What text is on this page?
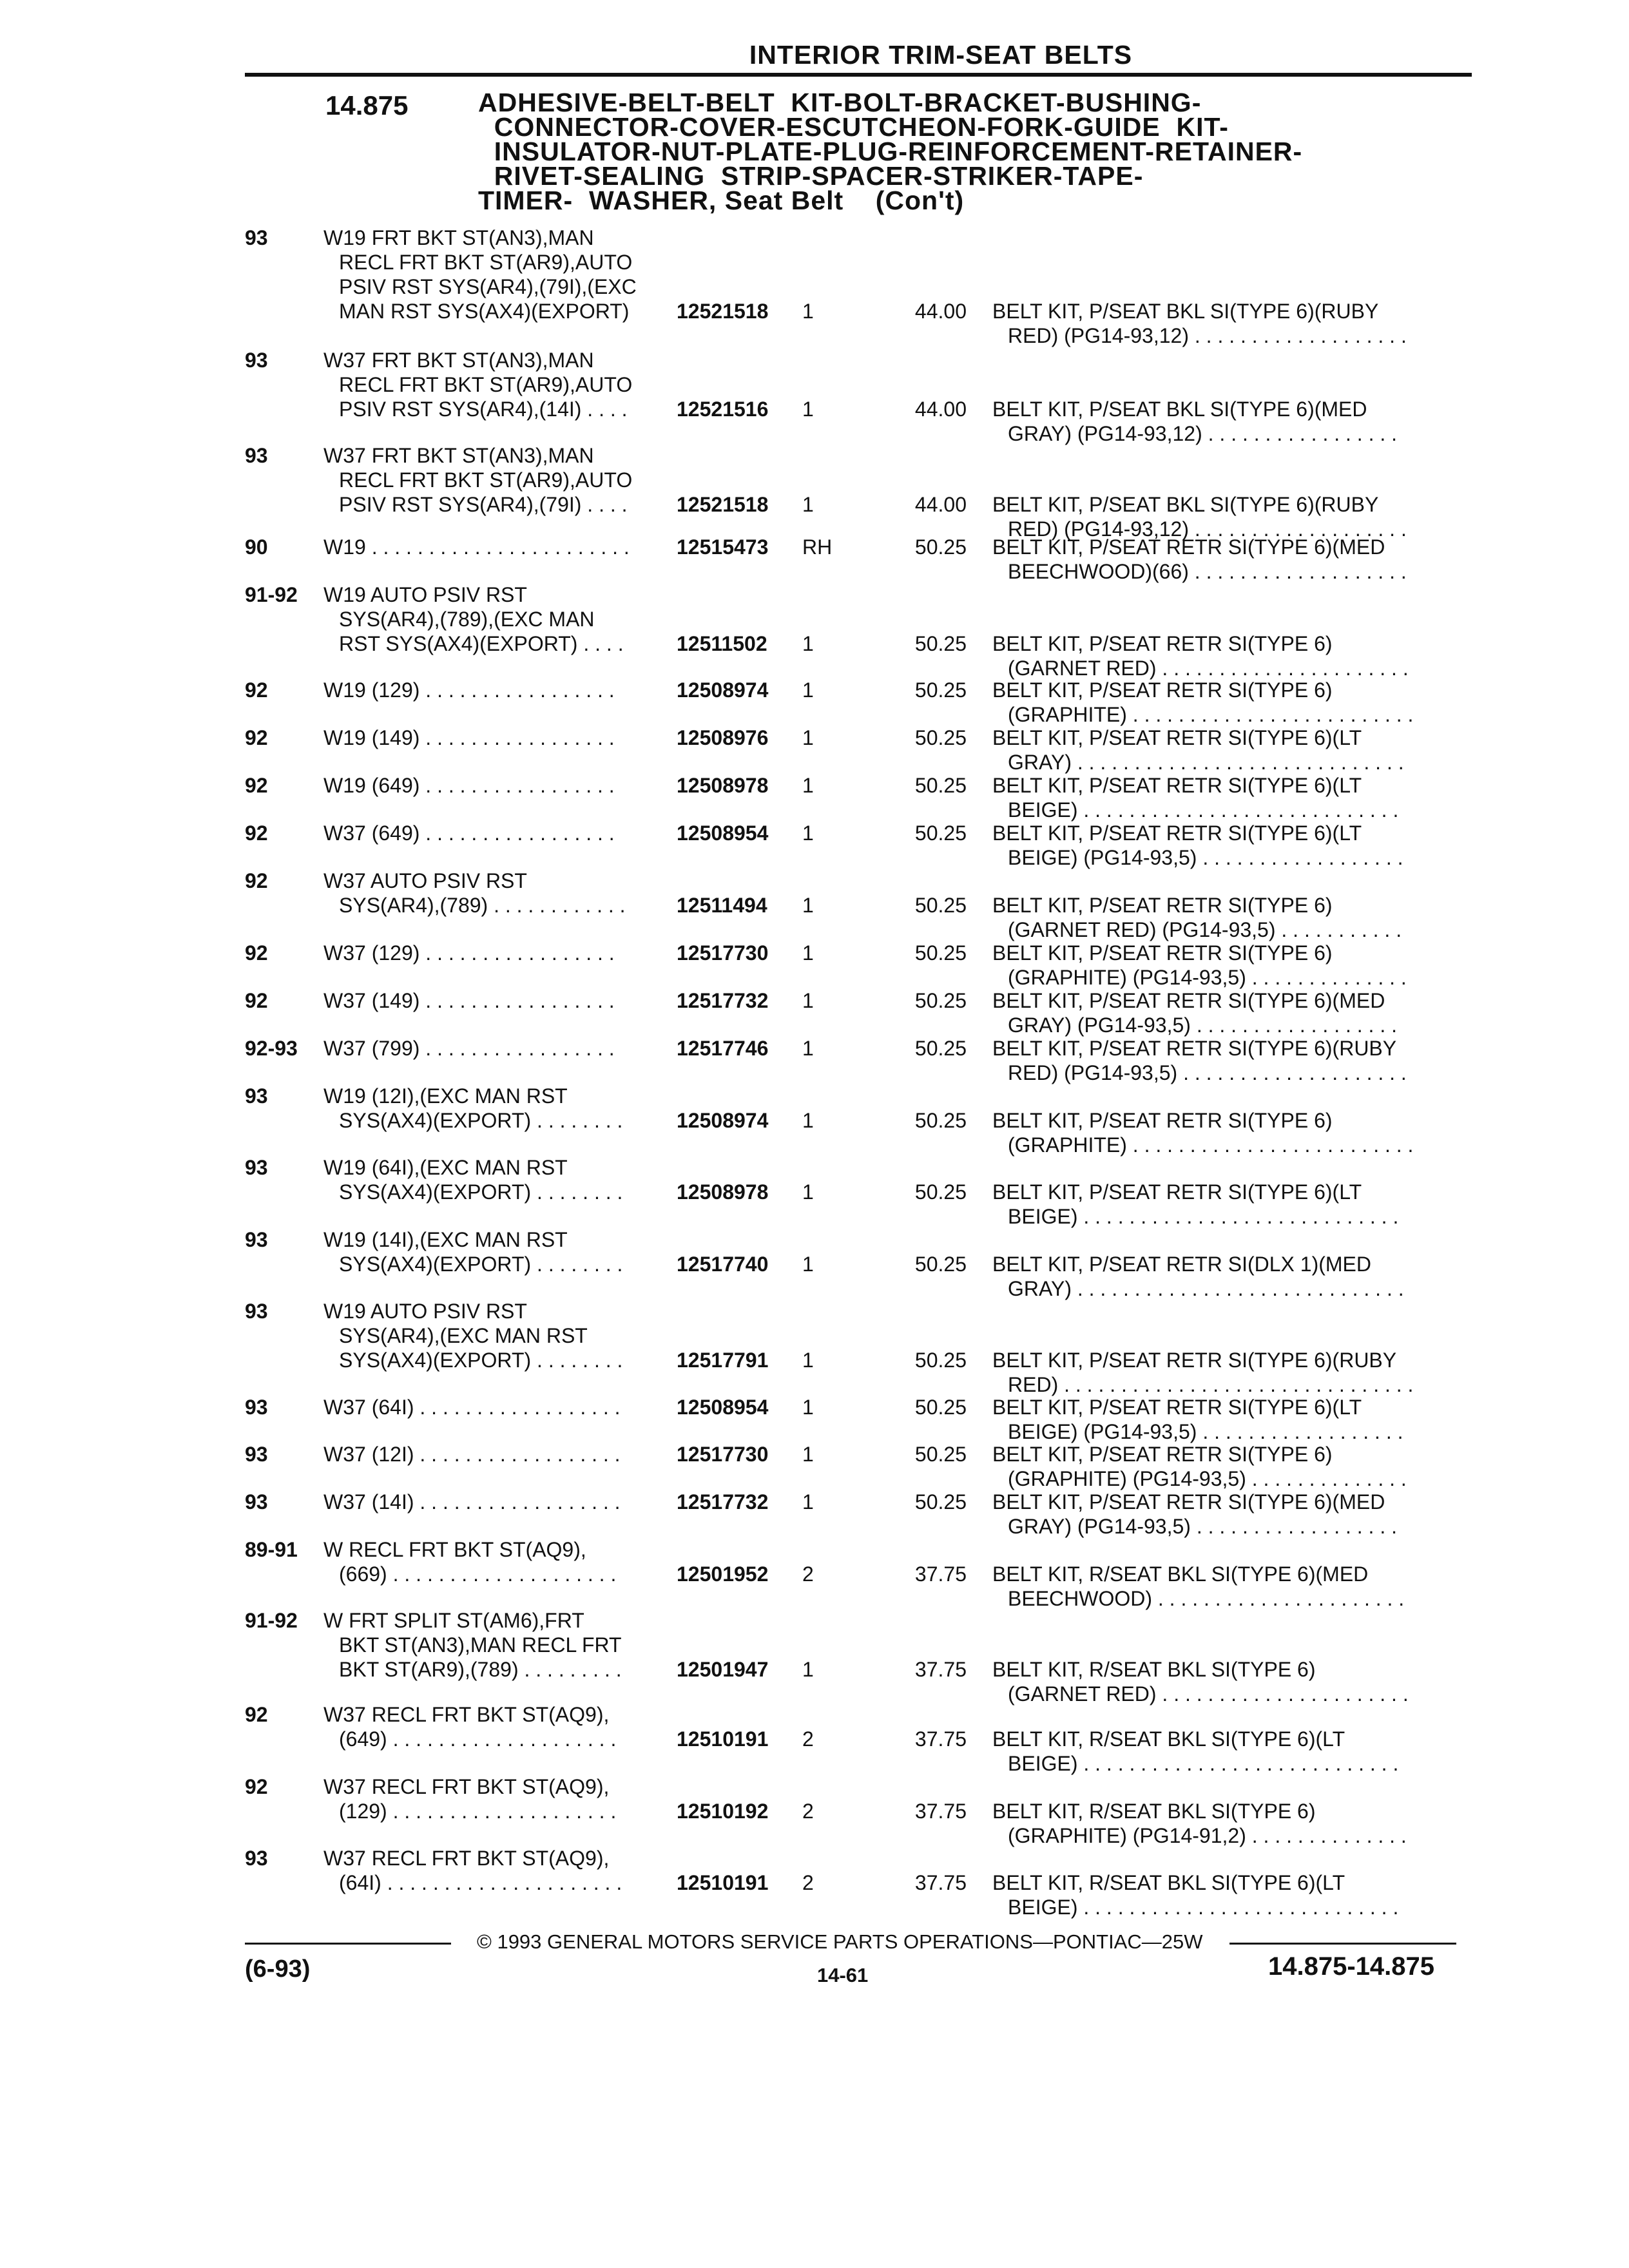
INTERIOR TRIM-SEAT BELTS
14.875	ADHESIVE-BELT-BELT  KIT-BOLT-BRACKET-BUSHING-
CONNECTOR-COVER-ESCUTCHEON-FORK-GUIDE  KIT-
INSULATOR-NUT-PLATE-PLUG-REINFORCEMENT-RETAINER-
RIVET-SEALING  STRIP-SPACER-STRIKER-TAPE-
TIMER-  WASHER, Seat Belt    (Con't)
93	W19 FRT BKT ST(AN3),MAN
RECL FRT BKT ST(AR9),AUTO
PSIV RST SYS(AR4),(79I),(EXC
MAN RST SYS(AX4)(EXPORT)	12521518 1	44.00 BELT KIT, P/SEAT BKL SI(TYPE 6)(RUBY
RED) (PG14-93,12) . . . . . . . . . . . . . . . . . . .
93	W37 FRT BKT ST(AN3),MAN
RECL FRT BKT ST(AR9),AUTO
PSIV RST SYS(AR4),(14I) . . . .	12521516 1	44.00 BELT KIT, P/SEAT BKL SI(TYPE 6)(MED
GRAY) (PG14-93,12) . . . . . . . . . . . . . . . . .
93	W37 FRT BKT ST(AN3),MAN
RECL FRT BKT ST(AR9),AUTO
PSIV RST SYS(AR4),(79I) . . . .	12521518 1	44.00 BELT KIT, P/SEAT BKL SI(TYPE 6)(RUBY
RED) (PG14-93,12) . . . . . . . . . . . . . . . . . . .
90	W19 . . . . . . . . . . . . . . . . . . . . . . .	12515473 RH	50.25 BELT KIT, P/SEAT RETR SI(TYPE 6)(MED
BEECHWOOD)(66) . . . . . . . . . . . . . . . . . . .
91-92 W19 AUTO PSIV RST
SYS(AR4),(789),(EXC MAN
RST SYS(AX4)(EXPORT) . . . .	12511502 1	50.25 BELT KIT, P/SEAT RETR SI(TYPE 6)
(GARNET RED) . . . . . . . . . . . . . . . . . . . . . .
92	W19 (129) . . . . . . . . . . . . . . . . .	12508974 1	50.25 BELT KIT, P/SEAT RETR SI(TYPE 6)
(GRAPHITE) . . . . . . . . . . . . . . . . . . . . . . . . .
92	W19 (149) . . . . . . . . . . . . . . . . .	12508976 1	50.25 BELT KIT, P/SEAT RETR SI(TYPE 6)(LT
GRAY) . . . . . . . . . . . . . . . . . . . . . . . . . . . . .
92	W19 (649) . . . . . . . . . . . . . . . . .	12508978 1	50.25 BELT KIT, P/SEAT RETR SI(TYPE 6)(LT
BEIGE) . . . . . . . . . . . . . . . . . . . . . . . . . . . .
92	W37 (649) . . . . . . . . . . . . . . . . .	12508954 1	50.25 BELT KIT, P/SEAT RETR SI(TYPE 6)(LT
BEIGE) (PG14-93,5) . . . . . . . . . . . . . . . . . .
92	W37 AUTO PSIV RST
SYS(AR4),(789) . . . . . . . . . . . .	12511494 1	50.25 BELT KIT, P/SEAT RETR SI(TYPE 6)
(GARNET RED) (PG14-93,5) . . . . . . . . . . .
92	W37 (129) . . . . . . . . . . . . . . . . .	12517730 1	50.25 BELT KIT, P/SEAT RETR SI(TYPE 6)
(GRAPHITE) (PG14-93,5) . . . . . . . . . . . . . .
92	W37 (149) . . . . . . . . . . . . . . . . .	12517732 1	50.25 BELT KIT, P/SEAT RETR SI(TYPE 6)(MED
GRAY) (PG14-93,5) . . . . . . . . . . . . . . . . . .
92-93 W37 (799) . . . . . . . . . . . . . . . . .	12517746 1	50.25 BELT KIT, P/SEAT RETR SI(TYPE 6)(RUBY
RED) (PG14-93,5) . . . . . . . . . . . . . . . . . . . .
93	W19 (12I),(EXC MAN RST
SYS(AX4)(EXPORT) . . . . . . . .	12508974 1	50.25 BELT KIT, P/SEAT RETR SI(TYPE 6)
(GRAPHITE) . . . . . . . . . . . . . . . . . . . . . . . . .
93	W19 (64I),(EXC MAN RST
SYS(AX4)(EXPORT) . . . . . . . .	12508978 1	50.25 BELT KIT, P/SEAT RETR SI(TYPE 6)(LT
BEIGE) . . . . . . . . . . . . . . . . . . . . . . . . . . . .
93	W19 (14I),(EXC MAN RST
SYS(AX4)(EXPORT) . . . . . . . .	12517740 1	50.25 BELT KIT, P/SEAT RETR SI(DLX 1)(MED
GRAY) . . . . . . . . . . . . . . . . . . . . . . . . . . . . .
93	W19 AUTO PSIV RST
SYS(AR4),(EXC MAN RST
SYS(AX4)(EXPORT) . . . . . . . .	12517791 1	50.25 BELT KIT, P/SEAT RETR SI(TYPE 6)(RUBY
RED) . . . . . . . . . . . . . . . . . . . . . . . . . . . . . . .
93	W37 (64I) . . . . . . . . . . . . . . . . . .	12508954 1	50.25 BELT KIT, P/SEAT RETR SI(TYPE 6)(LT
BEIGE) (PG14-93,5) . . . . . . . . . . . . . . . . . .
93	W37 (12I) . . . . . . . . . . . . . . . . . .	12517730 1	50.25 BELT KIT, P/SEAT RETR SI(TYPE 6)
(GRAPHITE) (PG14-93,5) . . . . . . . . . . . . . .
93	W37 (14I) . . . . . . . . . . . . . . . . . .	12517732 1	50.25 BELT KIT, P/SEAT RETR SI(TYPE 6)(MED
GRAY) (PG14-93,5) . . . . . . . . . . . . . . . . . .
89-91 W RECL FRT BKT ST(AQ9),
(669) . . . . . . . . . . . . . . . . . . . .	12501952 2	37.75 BELT KIT, R/SEAT BKL SI(TYPE 6)(MED
BEECHWOOD) . . . . . . . . . . . . . . . . . . . . . .
91-92 W FRT SPLIT ST(AM6),FRT
BKT ST(AN3),MAN RECL FRT
BKT ST(AR9),(789) . . . . . . . . .	12501947 1	37.75 BELT KIT, R/SEAT BKL SI(TYPE 6)
(GARNET RED) . . . . . . . . . . . . . . . . . . . . . .
92	W37 RECL FRT BKT ST(AQ9),
(649) . . . . . . . . . . . . . . . . . . . .	12510191 2	37.75 BELT KIT, R/SEAT BKL SI(TYPE 6)(LT
BEIGE) . . . . . . . . . . . . . . . . . . . . . . . . . . . .
92	W37 RECL FRT BKT ST(AQ9),
(129) . . . . . . . . . . . . . . . . . . . .	12510192 2	37.75 BELT KIT, R/SEAT BKL SI(TYPE 6)
(GRAPHITE) (PG14-91,2) . . . . . . . . . . . . . .
93	W37 RECL FRT BKT ST(AQ9),
(64I) . . . . . . . . . . . . . . . . . . . . .	12510191 2	37.75 BELT KIT, R/SEAT BKL SI(TYPE 6)(LT
BEIGE) . . . . . . . . . . . . . . . . . . . . . . . . . . . .
© 1993 GENERAL MOTORS SERVICE PARTS OPERATIONS—PONTIAC—25W
(6-93)	14-61	14.875-14.875
